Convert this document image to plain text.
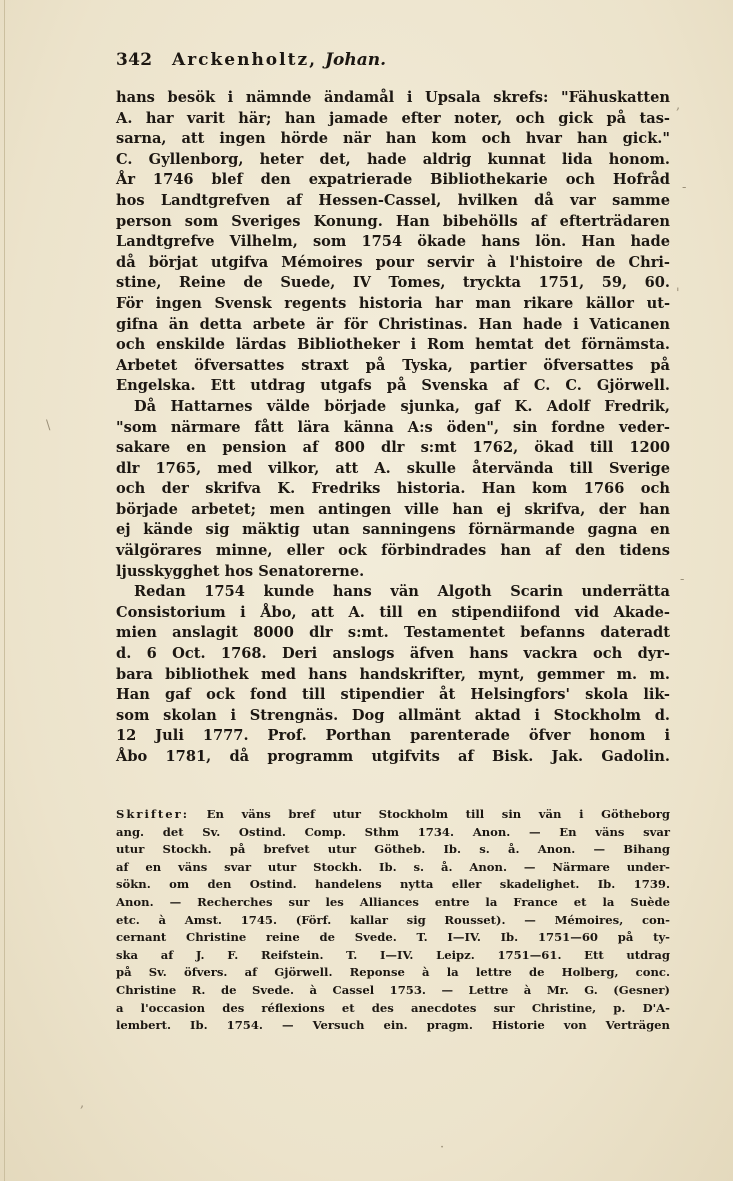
342 Arckenholtz, Johan.
hans besök i nämnde ändamål i Upsala skrefs: "Fähuskatten
A. har varit här; han jamade efter noter, och gick på tas-
sarna, att ingen hörde när han kom och hvar han gick."
C. Gyllenborg, heter det, hade aldrig kunnat lida honom.
År 1746 blef den expatrierade Bibliothekarie och Hofråd
hos Landtgrefven af Hessen-Cassel, hvilken då var samme
person som Sveriges Konung. Han bibehölls af efterträdaren
Landtgrefve Vilhelm, som 1754 ökade hans lön. Han hade
då börjat utgifva Mémoires pour servir à l'histoire de Chri-
stine, Reine de Suede, IV Tomes, tryckta 1751, 59, 60.
För ingen Svensk regents historia har man rikare källor ut-
gifna än detta arbete är för Christinas. Han hade i Vaticanen
och enskilde lärdas Bibliotheker i Rom hemtat det förnämsta.
Arbetet öfversattes straxt på Tyska, partier öfversattes på
Engelska. Ett utdrag utgafs på Svenska af C. C. Gjörwell.
Då Hattarnes välde började sjunka, gaf K. Adolf Fredrik,
"som närmare fått lära känna A:s öden", sin fordne veder-
sakare en pension af 800 dlr s:mt 1762, ökad till 1200
dlr 1765, med vilkor, att A. skulle återvända till Sverige
och der skrifva K. Fredriks historia. Han kom 1766 och
började arbetet; men antingen ville han ej skrifva, der han
ej kände sig mäktig utan sanningens förnärmande gagna en
välgörares minne, eller ock förbindrades han af den tidens
ljusskygghet hos Senatorerne.
Redan 1754 kunde hans vän Algoth Scarin underrätta
Consistorium i Åbo, att A. till en stipendiifond vid Akade-
mien anslagit 8000 dlr s:mt. Testamentet befanns dateradt
d. 6 Oct. 1768. Deri anslogs äfven hans vackra och dyr-
bara bibliothek med hans handskrifter, mynt, gemmer m. m.
Han gaf ock fond till stipendier åt Helsingfors' skola lik-
som skolan i Strengnäs. Dog allmänt aktad i Stockholm d.
12 Juli 1777. Prof. Porthan parenterade öfver honom i
Åbo 1781, då programm utgifvits af Bisk. Jak. Gadolin.
Skrifter: En väns bref utur Stockholm till sin vän i Götheborg
ang. det Sv. Ostind. Comp. Sthm 1734. Anon. — En väns svar
utur Stockh. på brefvet utur Götheb. Ib. s. å. Anon. — Bihang
af en väns svar utur Stockh. Ib. s. å. Anon. — Närmare under-
sökn. om den Ostind. handelens nytta eller skadelighet. Ib. 1739.
Anon. — Recherches sur les Alliances entre la France et la Suède
etc. à Amst. 1745. (Förf. kallar sig Rousset). — Mémoires, con-
cernant Christine reine de Svede. T. I—IV. Ib. 1751—60 på ty-
ska af J. F. Reifstein. T. I—IV. Leipz. 1751—61. Ett utdrag
på Sv. öfvers. af Gjörwell. Reponse à la lettre de Holberg, conc.
Christine R. de Svede. à Cassel 1753. — Lettre à Mr. G. (Gesner)
a l'occasion des réflexions et des anecdotes sur Christine, p. D'A-
lembert. Ib. 1754. — Versuch ein. pragm. Historie von Verträgen
,
-
'
\
-
,
·
